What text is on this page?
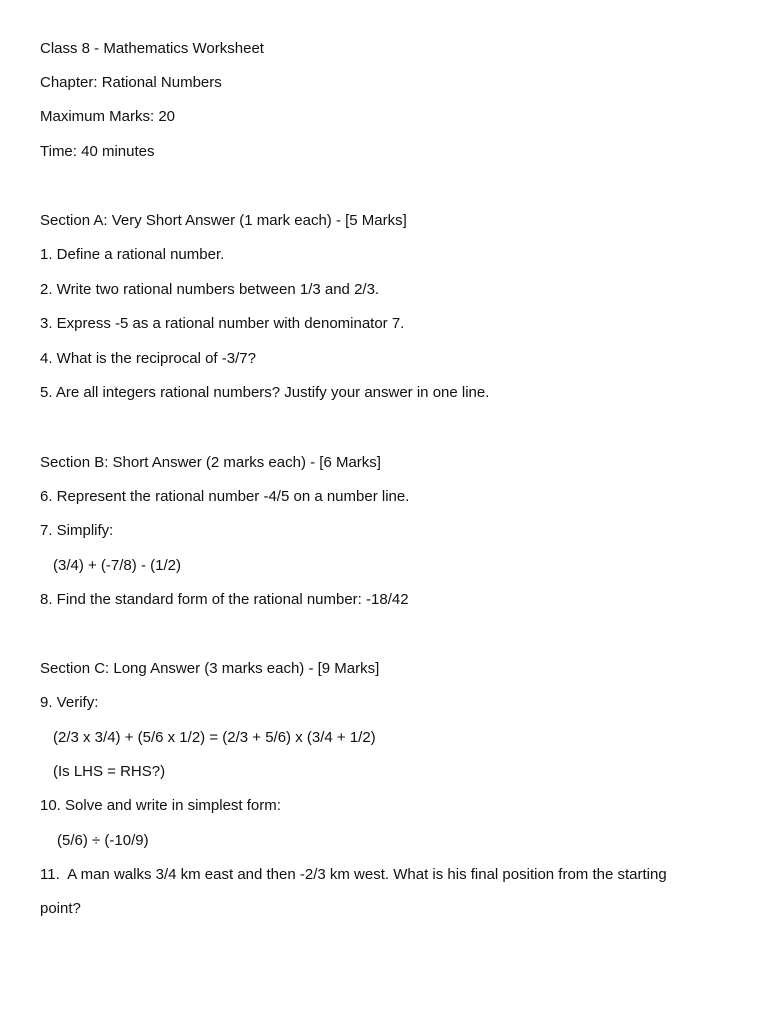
Class 8 - Mathematics Worksheet
Chapter: Rational Numbers
Maximum Marks: 20
Time: 40 minutes
Section A: Very Short Answer (1 mark each) - [5 Marks]
1. Define a rational number.
2. Write two rational numbers between 1/3 and 2/3.
3. Express -5 as a rational number with denominator 7.
4. What is the reciprocal of -3/7?
5. Are all integers rational numbers? Justify your answer in one line.
Section B: Short Answer (2 marks each) - [6 Marks]
6. Represent the rational number -4/5 on a number line.
7. Simplify:
(3/4) + (-7/8) - (1/2)
8. Find the standard form of the rational number: -18/42
Section C: Long Answer (3 marks each) - [9 Marks]
9. Verify:
(2/3 x 3/4) + (5/6 x 1/2) = (2/3 + 5/6) x (3/4 + 1/2)
(Is LHS = RHS?)
10. Solve and write in simplest form:
(5/6) ÷ (-10/9)
11.  A man walks 3/4 km east and then -2/3 km west. What is his final position from the starting point?
